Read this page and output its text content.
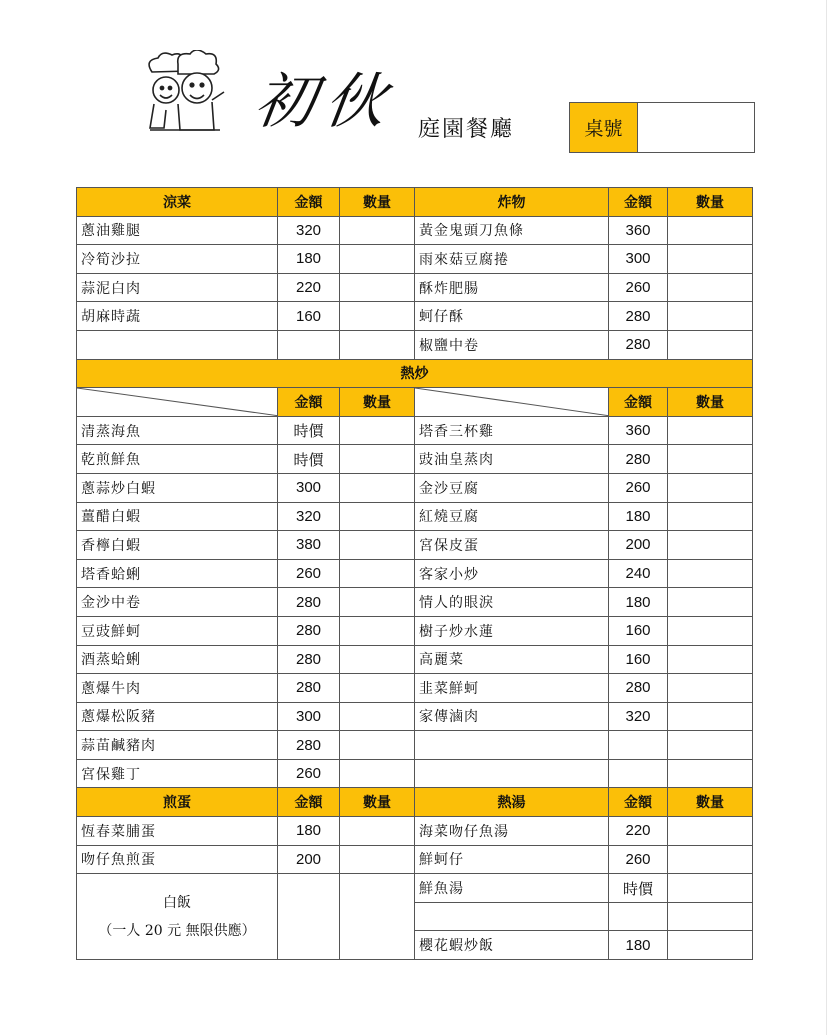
初伙 庭園餐廳	桌號
涼菜	金額	數量	炸物	金額	數量
蔥油雞腿	320		黃金鬼頭刀魚條	360	
冷筍沙拉	180		雨來菇豆腐捲	300	
蒜泥白肉	220		酥炸肥腸	260	
胡麻時蔬	160		蚵仔酥	280	
			椒鹽中卷	280	
熱炒					

	金額	數量		金額	數量
清蒸海魚	時價		塔香三杯雞	360	
乾煎鮮魚	時價		豉油皇蒸肉	280	
蔥蒜炒白蝦	300		金沙豆腐	260	
薑醋白蝦	320		紅燒豆腐	180	
香檸白蝦	380		宮保皮蛋	200	
塔香蛤蜊	260		客家小炒	240	
金沙中卷	280		情人的眼淚	180	
豆豉鮮蚵	280		樹子炒水蓮	160	
酒蒸蛤蜊	280		高麗菜	160	
蔥爆牛肉	280		韭菜鮮蚵	280	
蔥爆松阪豬	300		家傳滷肉	320	
蒜苗鹹豬肉	280				
宮保雞丁	260				
煎蛋	金額	數量	熱湯	金額	數量
恆春菜脯蛋	180		海菜吻仔魚湯	220	
吻仔魚煎蛋	200		鮮蚵仔	260	

白飯
（一人 20 元 無限供應）			鮮魚湯	時價	

			櫻花蝦炒飯	180	
